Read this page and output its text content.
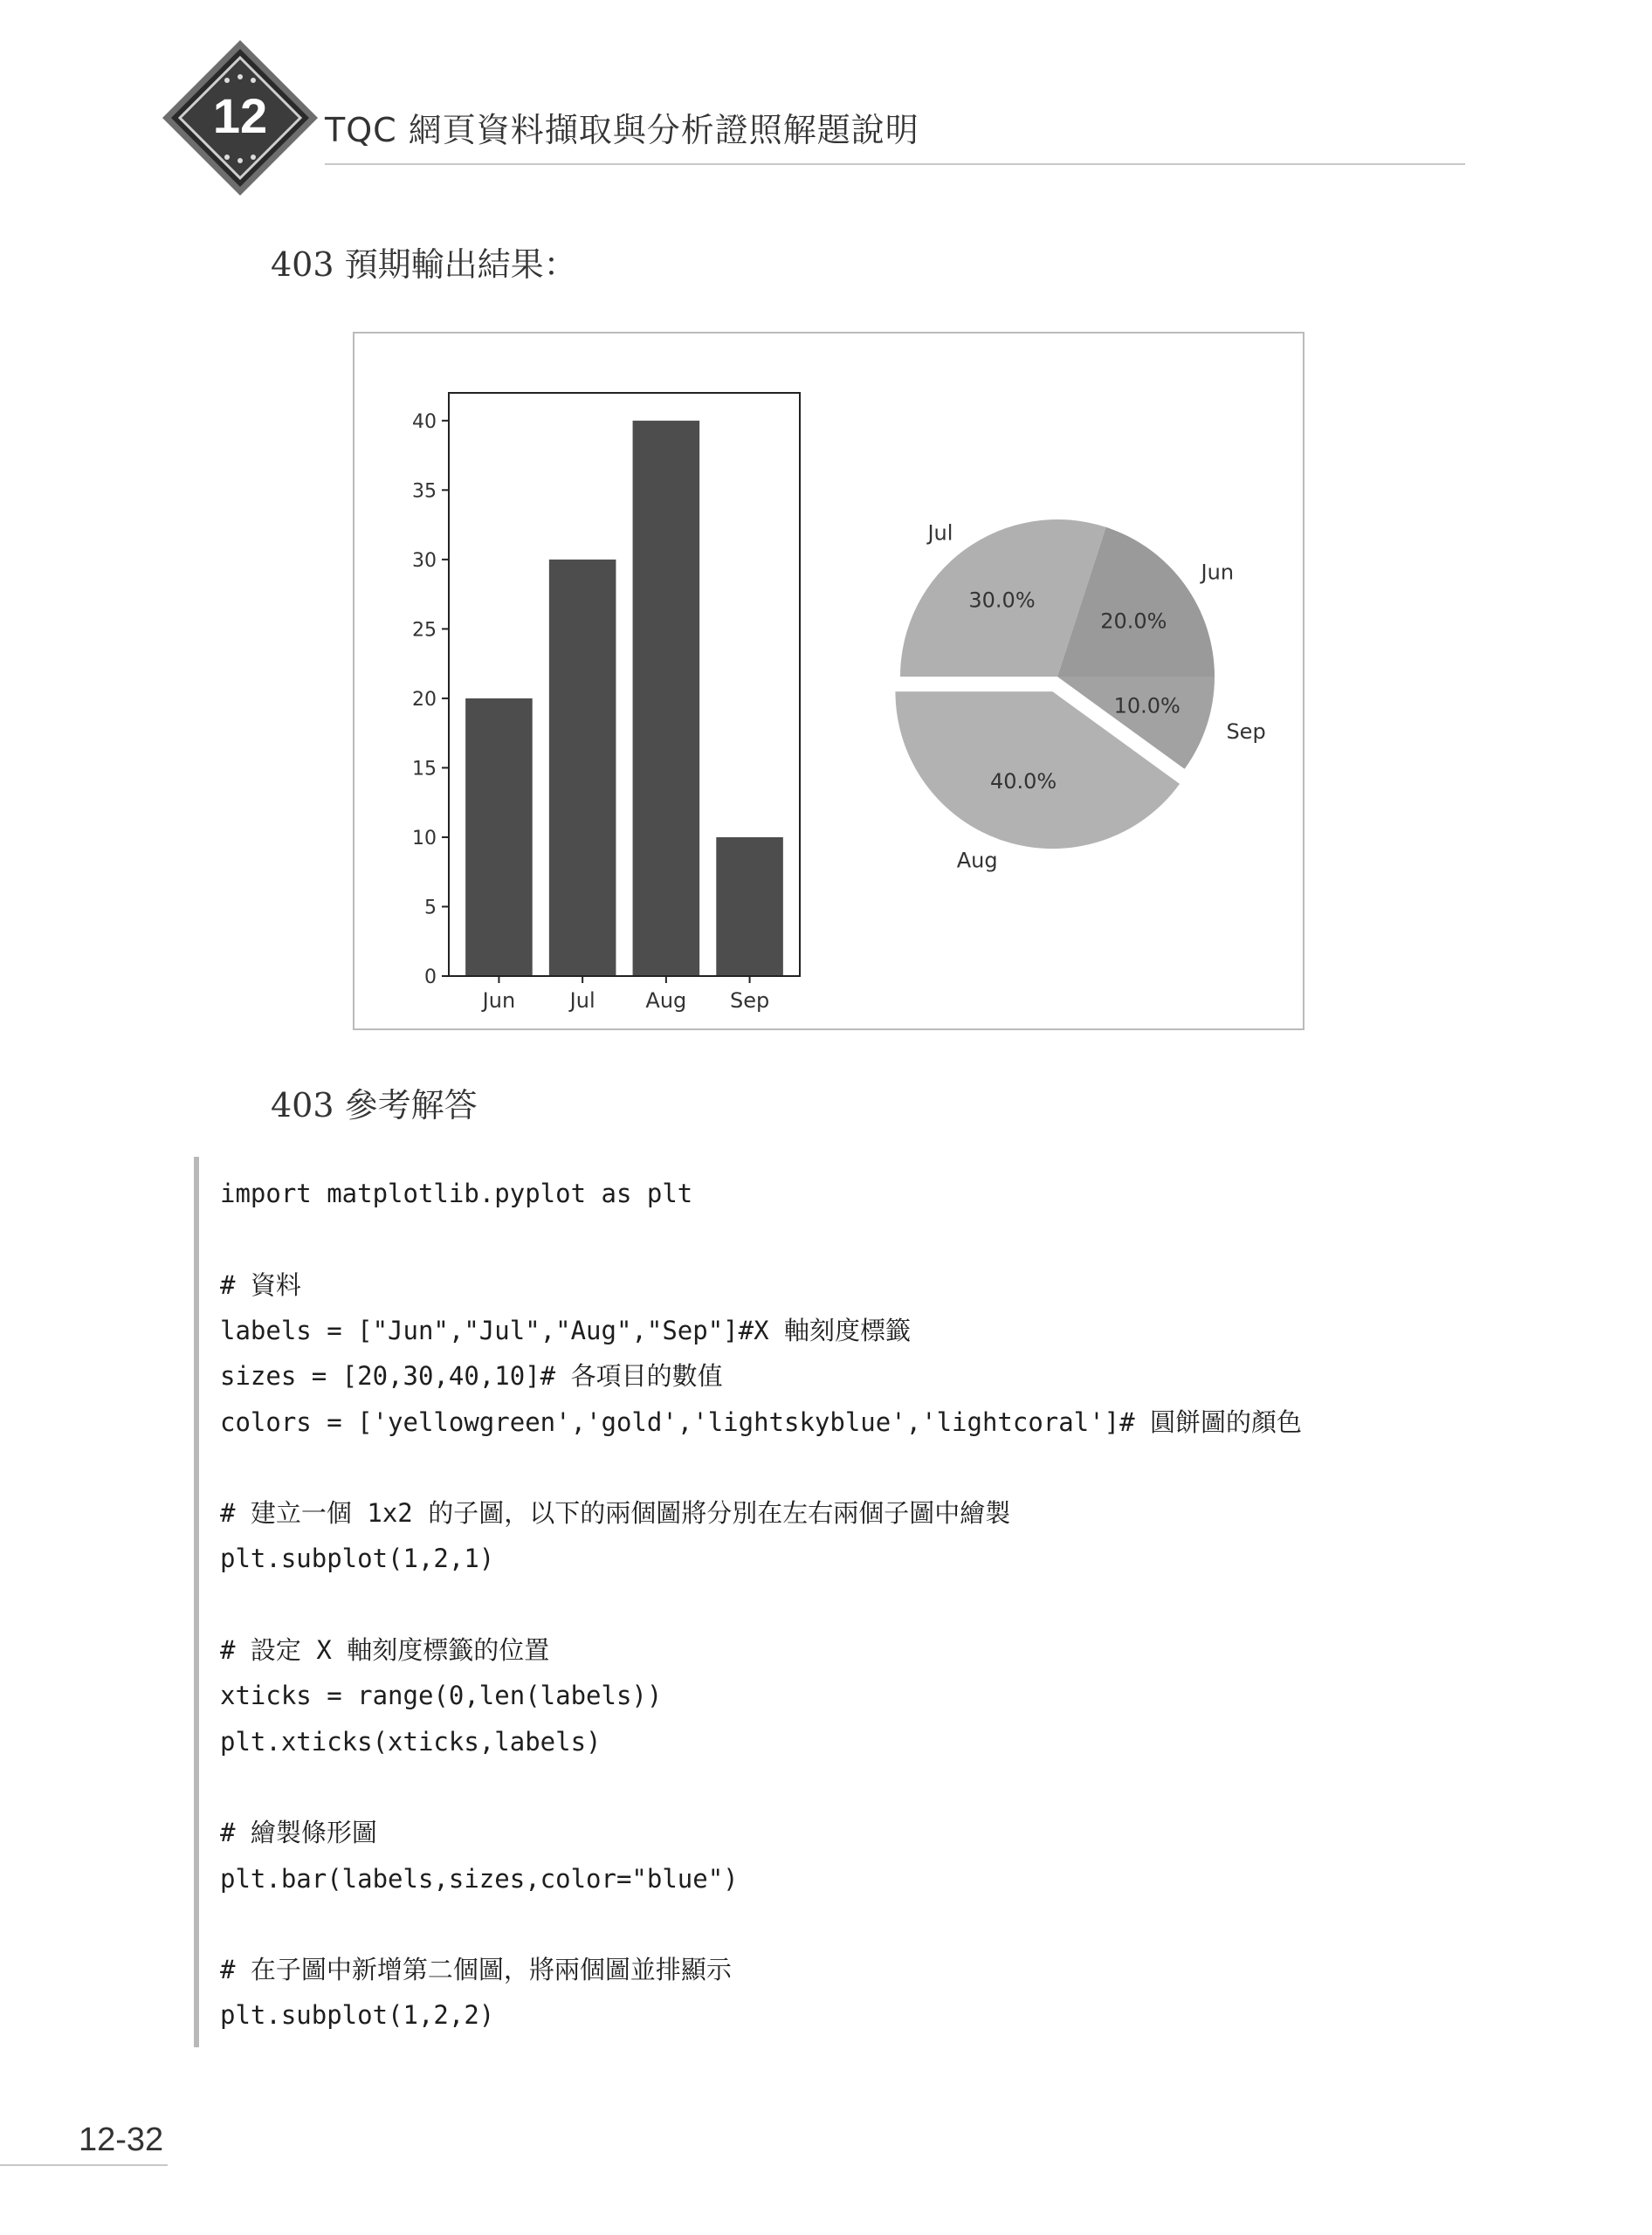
12 TQC 網頁資料擷取與分析證照解題說明
403 預期輸出結果：
403 參考解答
Jun	Jul Aug Sep
0
5
10
15
20
25
30
35
40
20.0%
Jun
30.0%
Jul
40.0%
Aug
10.0%
Sep
import matplotlib.pyplot as plt
# 資料
labels = ["Jun","Jul","Aug","Sep"]#X 軸刻度標籤
sizes = [20,30,40,10]# 各項目的數值
colors = ['yellowgreen','gold','lightskyblue','lightcoral']# 圓餅圖的顏色
# 建立一個 1x2 的子圖，以下的兩個圖將分別在左右兩個子圖中繪製
plt.subplot(1,2,1)
# 設定 X 軸刻度標籤的位置
xticks = range(0,len(labels))
plt.xticks(xticks,labels)
# 繪製條形圖
plt.bar(labels,sizes,color="blue")
# 在子圖中新增第二個圖，將兩個圖並排顯示
plt.subplot(1,2,2)
12-32
